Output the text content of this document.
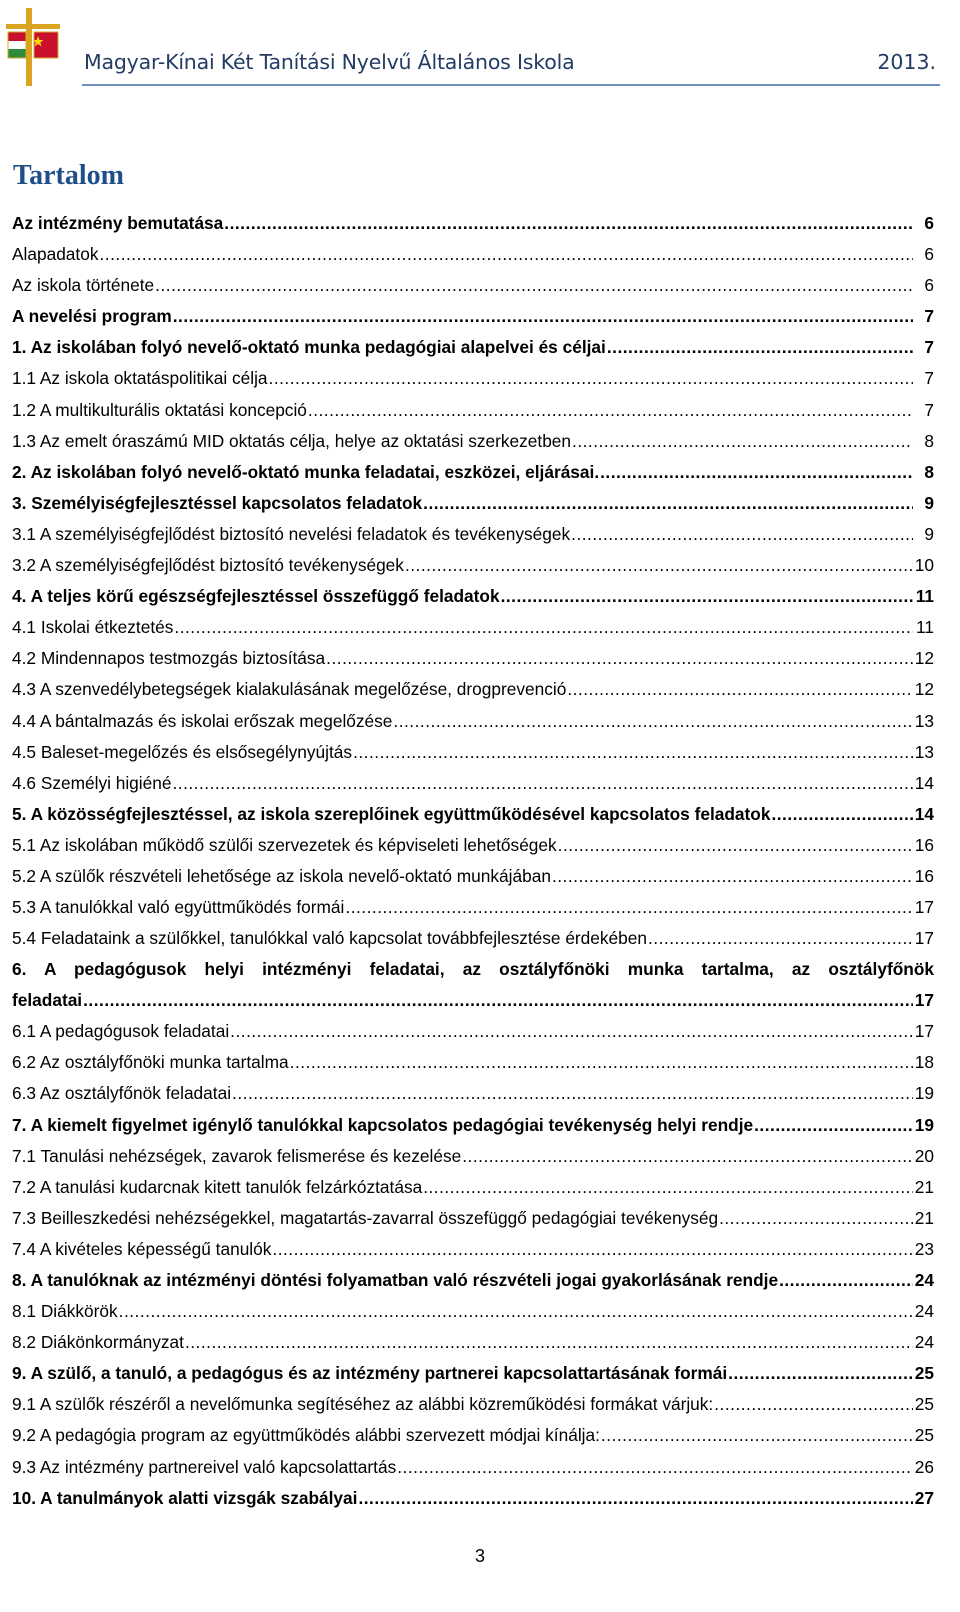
Magyar-Kínai Két Tanítási Nyelvű Általános Iskola	2013.
Tartalom
Az intézmény bemutatása .....	6
Alapadatok .....	6
Az iskola története .....	6
A nevelési program .....	7
1. Az iskolában folyó nevelő-oktató munka pedagógiai alapelvei és céljai .....	7
1.1 Az iskola oktatáspolitikai célja .....	7
1.2 A multikulturális oktatási koncepció .....	7
1.3 Az emelt óraszámú MID oktatás célja, helye az oktatási szerkezetben .....	8
2. Az iskolában folyó nevelő-oktató munka feladatai, eszközei, eljárásai. .....	8
3. Személyiségfejlesztéssel kapcsolatos feladatok .....	9
3.1 A személyiségfejlődést biztosító nevelési feladatok és tevékenységek .....	9
3.2 A személyiségfejlődést biztosító tevékenységek .....	10
4. A teljes körű egészségfejlesztéssel összefüggő feladatok .....	11
4.1 Iskolai étkeztetés .....	11
4.2 Mindennapos testmozgás biztosítása .....	12
4.3 A szenvedélybetegségek kialakulásának megelőzése, drogprevenció .....	12
4.4 A bántalmazás és iskolai erőszak megelőzése .....	13
4.5 Baleset-megelőzés és elsősegélynyújtás .....	13
4.6 Személyi higiéné .....	14
5. A közösségfejlesztéssel, az iskola szereplőinek együttműködésével kapcsolatos feladatok .....	14
5.1 Az iskolában működő szülői szervezetek és képviseleti lehetőségek .....	16
5.2 A szülők részvételi lehetősége az iskola nevelő-oktató munkájában .....	16
5.3 A tanulókkal való együttműködés formái .....	17
5.4 Feladataink a szülőkkel, tanulókkal való kapcsolat továbbfejlesztése érdekében .....	17
6. A pedagógusok helyi intézményi feladatai, az osztályfőnöki munka tartalma, az osztályfőnök
feladatai .....	17
6.1 A pedagógusok feladatai .....	17
6.2 Az osztályfőnöki munka tartalma .....	18
6.3 Az osztályfőnök feladatai .....	19
7. A kiemelt figyelmet igénylő tanulókkal kapcsolatos pedagógiai tevékenység helyi rendje .....	19
7.1 Tanulási nehézségek, zavarok felismerése és kezelése .....	20
7.2 A tanulási kudarcnak kitett tanulók felzárkóztatása .....	21
7.3 Beilleszkedési nehézségekkel, magatartás-zavarral összefüggő pedagógiai tevékenység .....	21
7.4 A kivételes képességű tanulók .....	23
8. A tanulóknak az intézményi döntési folyamatban való részvételi jogai gyakorlásának rendje .....	24
8.1 Diákkörök .....	24
8.2 Diákönkormányzat .....	24
9. A szülő, a tanuló, a pedagógus és az intézmény partnerei kapcsolattartásának formái .....	25
9.1 A szülők részéről a nevelőmunka segítéséhez az alábbi közreműködési formákat várjuk: .....	25
9.2 A pedagógia program az együttműködés alábbi szervezett módjai kínálja: .....	25
9.3 Az intézmény partnereivel való kapcsolattartás .....	26
10. A tanulmányok alatti vizsgák szabályai .....	27
3
